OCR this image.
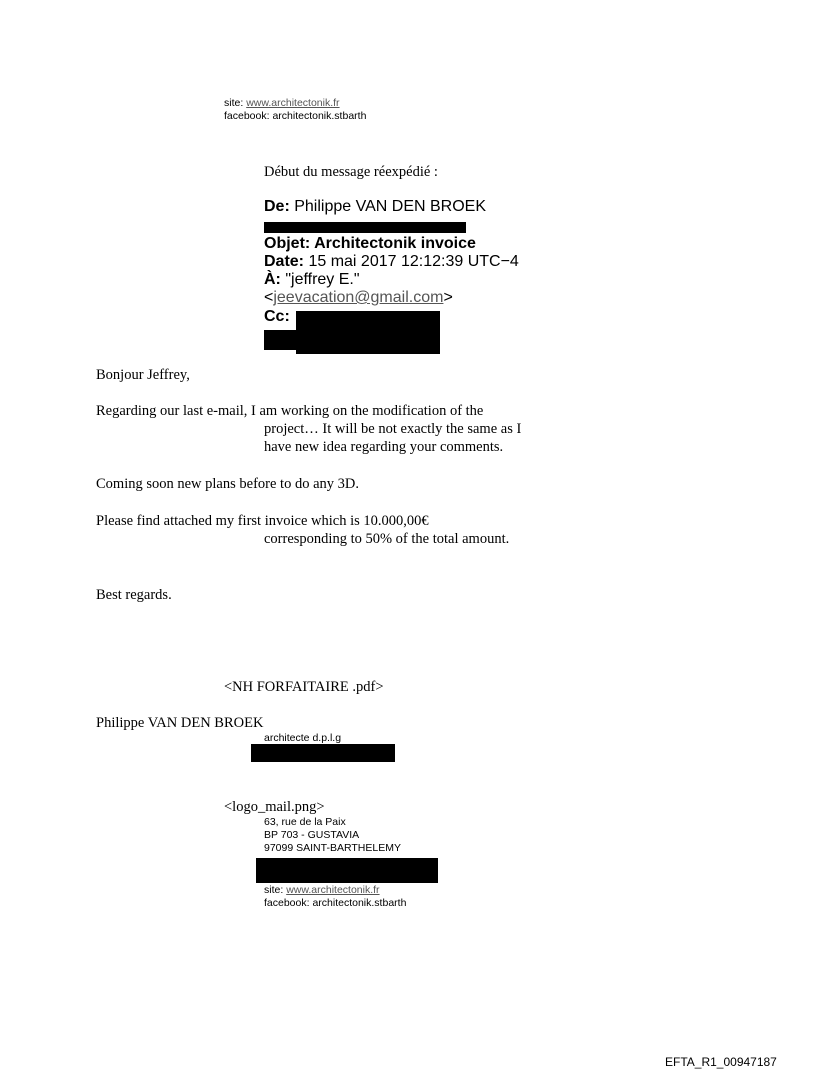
site: www.architectonik.fr
facebook: architectonik.stbarth
Début du message réexpédié :
De: Philippe VAN DEN BROEK
Objet: Architectonik invoice
Date: 15 mai 2017 12:12:39 UTC−4
À: "jeffrey E."
<jeevacation@gmail.com>
Cc:
Bonjour Jeffrey,
Regarding our last e-mail, I am working on the modification of the
project… It will be not exactly the same as I
have new idea regarding your comments.
Coming soon new plans before to do any 3D.
Please find attached my first invoice which is 10.000,00€
corresponding to 50% of the total amount.
Best regards.
<NH FORFAITAIRE .pdf>
Philippe VAN DEN BROEK
architecte d.p.l.g
<logo_mail.png>
63, rue de la Paix
BP 703 - GUSTAVIA
97099 SAINT-BARTHELEMY
site: www.architectonik.fr
facebook: architectonik.stbarth
EFTA_R1_00947187
